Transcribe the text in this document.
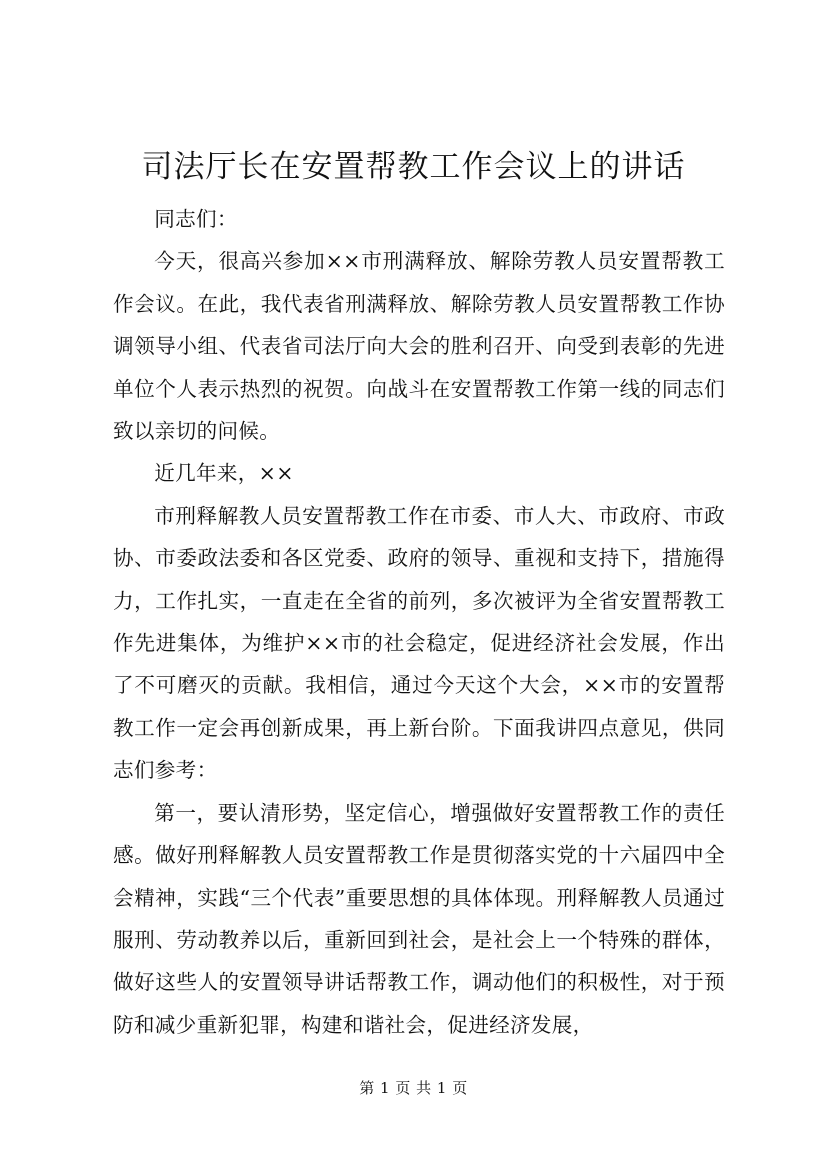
司法厅长在安置帮教工作会议上的讲话

同志们：

今天，很高兴参加××市刑满释放、解除劳教人员安置帮教工作会议。在此，我代表省刑满释放、解除劳教人员安置帮教工作协调领导小组、代表省司法厅向大会的胜利召开、向受到表彰的先进单位个人表示热烈的祝贺。向战斗在安置帮教工作第一线的同志们致以亲切的问候。

近几年来，××

市刑释解教人员安置帮教工作在市委、市人大、市政府、市政协、市委政法委和各区党委、政府的领导、重视和支持下，措施得力，工作扎实，一直走在全省的前列，多次被评为全省安置帮教工作先进集体，为维护××市的社会稳定，促进经济社会发展，作出了不可磨灭的贡献。我相信，通过今天这个大会，××市的安置帮教工作一定会再创新成果，再上新台阶。下面我讲四点意见，供同志们参考：

第一，要认清形势，坚定信心，增强做好安置帮教工作的责任感。做好刑释解教人员安置帮教工作是贯彻落实党的十六届四中全会精神，实践“三个代表”重要思想的具体体现。刑释解教人员通过服刑、劳动教养以后，重新回到社会，是社会上一个特殊的群体，做好这些人的安置领导讲话帮教工作，调动他们的积极性，对于预防和减少重新犯罪，构建和谐社会，促进经济发展，

第 1 页 共 1 页
